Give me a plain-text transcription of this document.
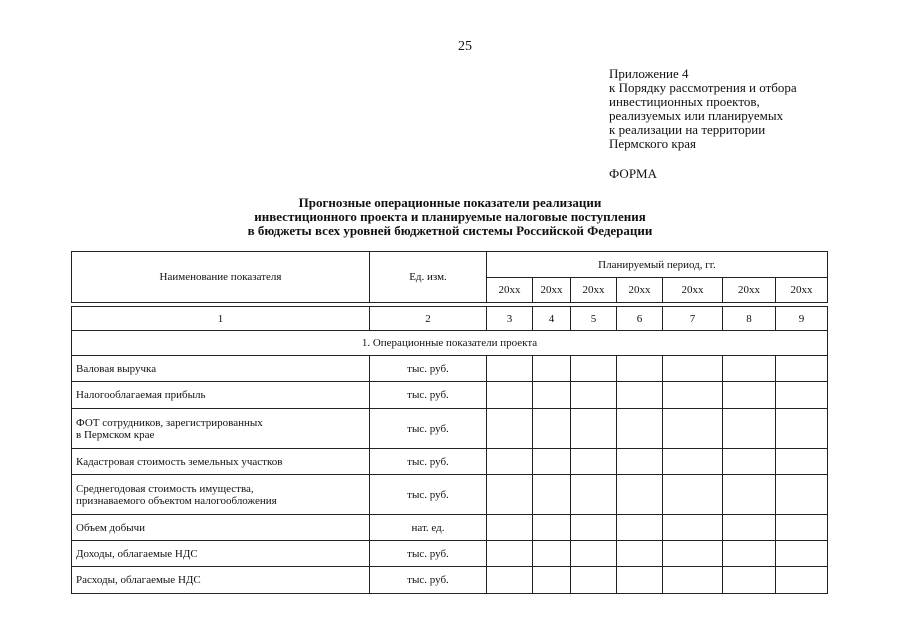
25
Приложение 4
к Порядку рассмотрения и отбора
инвестиционных проектов,
реализуемых или планируемых
к реализации на территории
Пермского края
ФОРМА
Прогнозные операционные показатели реализации
инвестиционного проекта и планируемые налоговые поступления
в бюджеты всех уровней бюджетной системы Российской Федерации
Наименование показателя	Ед. изм.	Планируемый период, гг.						
		20хх	20хх	20хх	20хх	20хх	20хх	20хх

1	2	3	4	5	6	7	8	9
1. Операционные показатели проекта								
Валовая выручка	тыс. руб.							
Налогооблагаемая прибыль	тыс. руб.							

ФОТ сотрудников, зарегистрированных
в Пермском крае	тыс. руб.							
Кадастровая стоимость земельных участков	тыс. руб.							

Среднегодовая стоимость имущества,
признаваемого объектом налогообложения	тыс. руб.							
Объем добычи	нат. ед.							
Доходы, облагаемые НДС	тыс. руб.							
Расходы, облагаемые НДС	тыс. руб.							
